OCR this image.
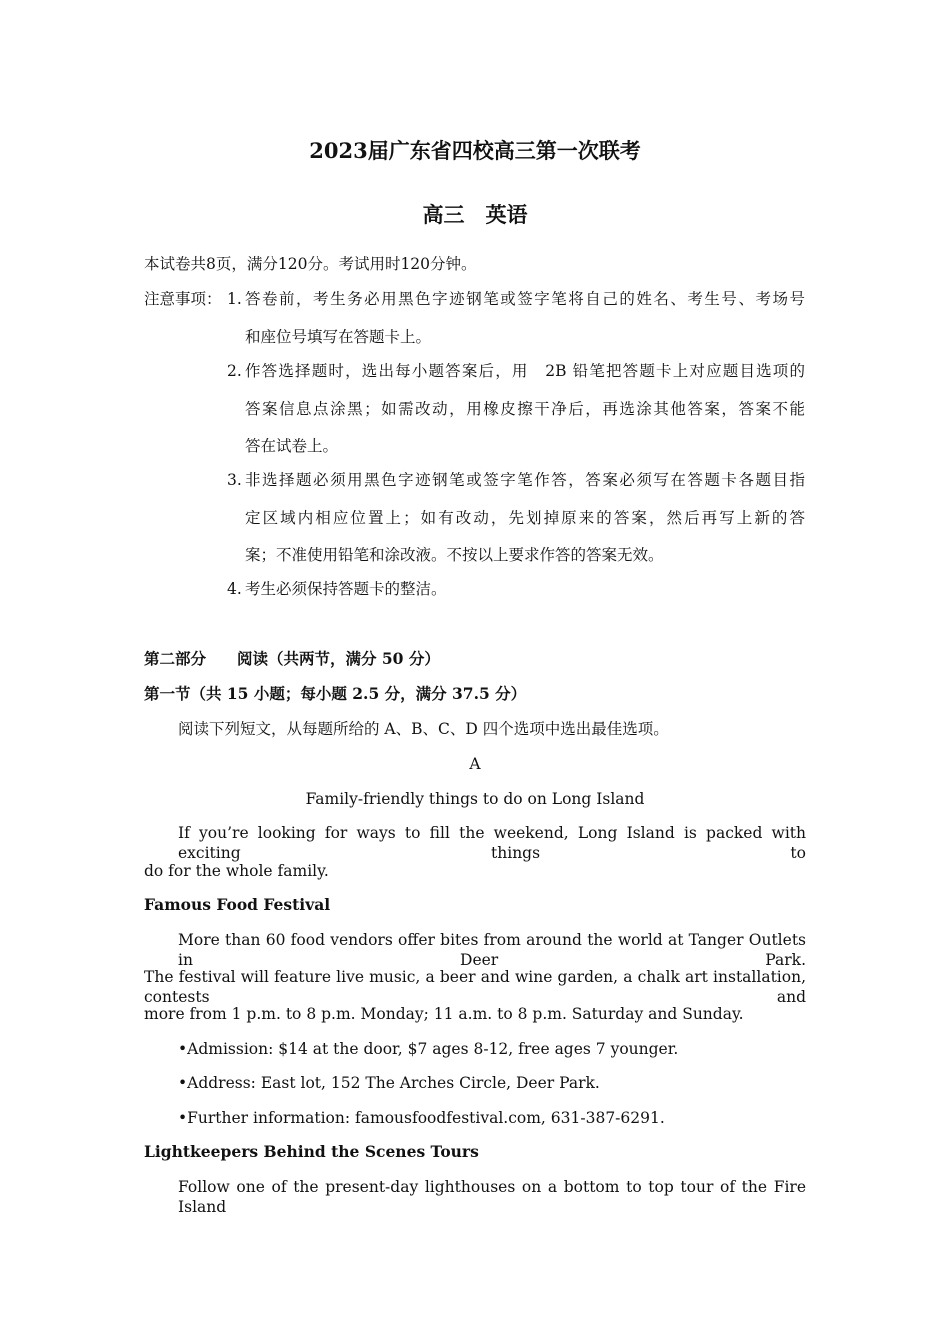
2023届广东省四校高三第一次联考
高三　英语
本试卷共8页，满分120分。考试用时120分钟。
注意事项： 1. 答卷前，考生务必用黑色字迹钢笔或签字笔将自己的姓名、考生号、考场号
和座位号填写在答题卡上。
2. 作答选择题时，选出每小题答案后，用　2B 铅笔把答题卡上对应题目选项的
答案信息点涂黑；如需改动，用橡皮擦干净后，再选涂其他答案，答案不能
答在试卷上。
3. 非选择题必须用黑色字迹钢笔或签字笔作答，答案必须写在答题卡各题目指
定区域内相应位置上；如有改动，先划掉原来的答案，然后再写上新的答
案；不准使用铅笔和涂改液。不按以上要求作答的答案无效。
4. 考生必须保持答题卡的整洁。
第二部分　　阅读（共两节，满分 50 分）
第一节（共 15 小题；每小题 2.5 分，满分 37.5 分）
阅读下列短文，从每题所给的 A、B、C、D 四个选项中选出最佳选项。
A
Family-friendly things to do on Long Island
If you’re looking for ways to fill the weekend, Long Island is packed with exciting things to
do for the whole family.
Famous Food Festival
More than 60 food vendors offer bites from around the world at Tanger Outlets in Deer Park.
The festival will feature live music, a beer and wine garden, a chalk art installation, contests and
more from 1 p.m. to 8 p.m. Monday; 11 a.m. to 8 p.m. Saturday and Sunday.
•Admission: $14 at the door, $7 ages 8-12, free ages 7 younger.
•Address: East lot, 152 The Arches Circle, Deer Park.
•Further information: famousfoodfestival.com, 631-387-6291.
Lightkeepers Behind the Scenes Tours
Follow one of the present-day lighthouses on a bottom to top tour of the Fire Island
